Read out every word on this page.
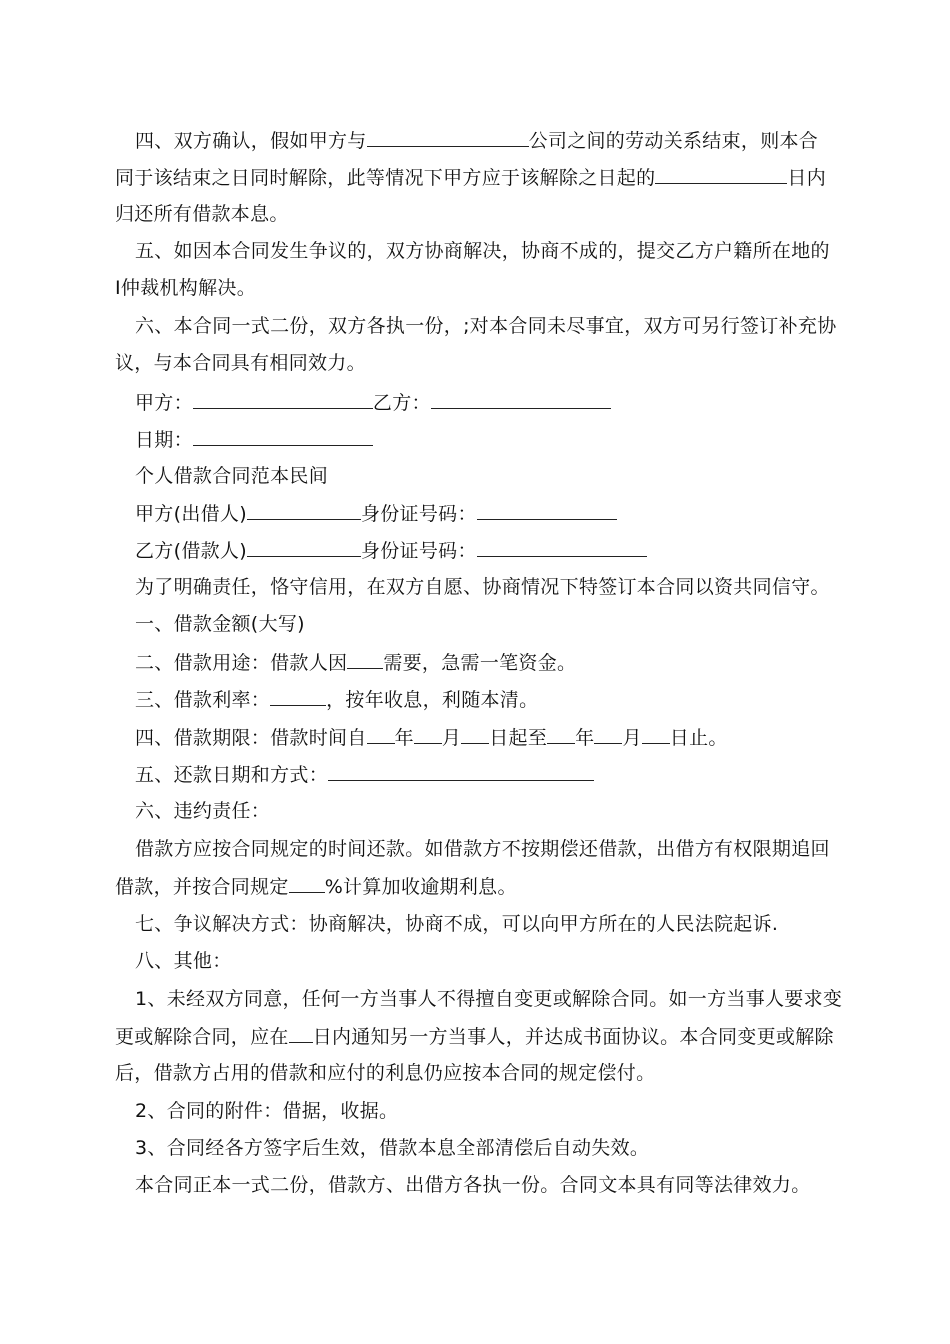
四、双方确认，假如甲方与	公司之间的劳动关系结束，则本合
同于该结束之日同时解除，此等情况下甲方应于该解除之日起的	日内
归还所有借款本息。
五、如因本合同发生争议的，双方协商解决，协商不成的，提交乙方户籍所在地的
I仲裁机构解决。
六、本合同一式二份，双方各执一份，;对本合同未尽事宜，双方可另行签订补充协
议，与本合同具有相同效力。
甲方：	乙方：
日期：
个人借款合同范本民间
甲方(出借人)	身份证号码：
乙方(借款人)	身份证号码：
为了明确责任，恪守信用，在双方自愿、协商情况下特签订本合同以资共同信守。
一、借款金额(大写)
二、借款用途：借款人因 需要，急需一笔资金。
三、借款利率：	，按年收息，利随本清。
四、借款期限：借款时间自 年 月 日起至 年 月 日止。
五、还款日期和方式：
六、违约责任：
借款方应按合同规定的时间还款。如借款方不按期偿还借款，出借方有权限期追回
借款，并按合同规定 %计算加收逾期利息。
七、争议解决方式：协商解决，协商不成，可以向甲方所在的人民法院起诉.
八、其他：
1、未经双方同意，任何一方当事人不得擅自变更或解除合同。如一方当事人要求变
更或解除合同，应在 日内通知另一方当事人，并达成书面协议。本合同变更或解除
后，借款方占用的借款和应付的利息仍应按本合同的规定偿付。
2、合同的附件：借据，收据。
3、合同经各方签字后生效，借款本息全部清偿后自动失效。
本合同正本一式二份，借款方、出借方各执一份。合同文本具有同等法律效力。
